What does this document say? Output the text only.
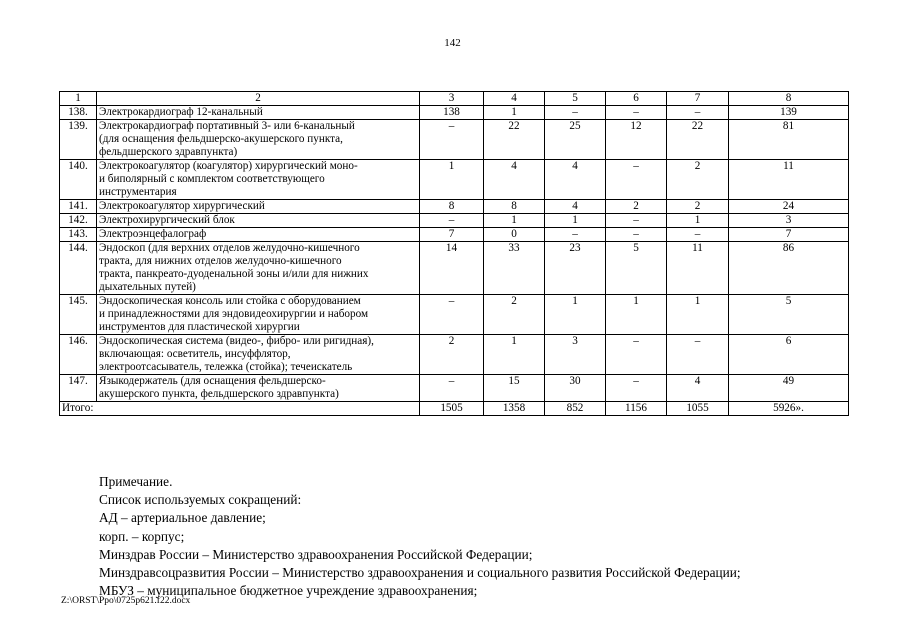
142
1	2	3	4	5	6	7	8
138.	Электрокардиограф 12-канальный	138	1	–	–	–	139
139.	Электрокардиограф портативный 3- или 6-канальный
(для оснащения фельдшерско-акушерского пункта,
фельдшерского здравпункта)	–	22	25	12	22	81
140.	Электрокоагулятор (коагулятор) хирургический моно-
и биполярный с комплектом соответствующего
инструментария	1	4	4	–	2	11
141.	Электрокоагулятор хирургический	8	8	4	2	2	24
142.	Электрохирургический блок	–	1	1	–	1	3
143.	Электроэнцефалограф	7	0	–	–	–	7
144.	Эндоскоп (для верхних отделов желудочно-кишечного
тракта, для нижних отделов желудочно-кишечного
тракта, панкреато-дуоденальной зоны и/или для нижних
дыхательных путей)	14	33	23	5	11	86
145.	Эндоскопическая консоль или стойка с оборудованием
и принадлежностями для эндовидеохирургии и набором
инструментов для пластической хирургии	–	2	1	1	1	5
146.	Эндоскопическая система (видео-, фибро- или ригидная),
включающая: осветитель, инсуффлятор,
электроотсасыватель, тележка (стойка); течеискатель	2	1	3	–	–	6
147.	Языкодержатель (для оснащения фельдшерско-
акушерского пункта, фельдшерского здравпункта)	–	15	30	–	4	49
Итого:		1505	1358	852	1156	1055	5926».
Примечание.
Список используемых сокращений:
АД – артериальное давление;
корп. – корпус;
Минздрав России – Министерство здравоохранения Российской Федерации;
Минздравсоцразвития России – Министерство здравоохранения и социального развития Российской Федерации;
МБУЗ – муниципальное бюджетное учреждение здравоохранения;
Z:\ORST\Ppo\0725p621.f22.docx
